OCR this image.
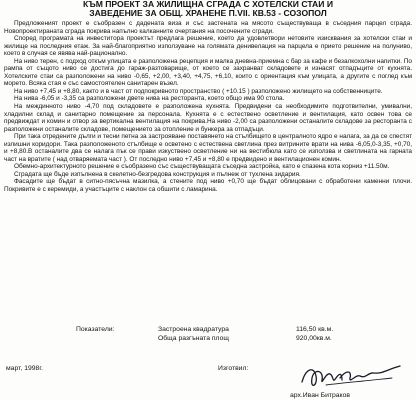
КЪМ ПРОЕКТ ЗА ЖИЛИЩНА СГРАДА С ХОТЕЛСКИ СТАИ И
ЗАВЕДЕНИЕ ЗА ОБЩ. ХРАНЕНЕ П.VII. КВ.53 - СОЗОПОЛ

Предложеният проект е съобразен с дадената виза и със застената на мясото съществуваща в съседния парцел сграда. Новопроектираната сграда покрива напълно калканните очертания на посочените сгради.

Според програмата на инвеститора проектът предлага решение, което да удовлетвори нетовите изисквания за хотелски стаи и жилище на последния етаж. За най-благоприятно използуване на голямата денивелация на парцела е приeто решение на полуниво, което в случая се явява най-рационално.

На ниво терен, с подход откъм улицата е разположена рецепция и малка дневна-приемна с бар за кафе и безалкохолни напитки. По рампа от същото ниво се достига до гараж-разтоварище, от което се захранват складовете и изнасят отпадъците от кухнята. Хотелските стаи са разположени на ниво -0,65, +2,00, +3,40, +4,75, +6,10, които с ориентация към улицата, а другите с поглед към морето. Всяка стая е със самостоятелен санитарен възел.

На нивo +7,45 и +8,80, както и в част от подпокривното пространство ( +10.15 ) разположено жилището на собственниците.

На нивa -6,05 и -3,35 са разположени двете нива на ресторанта, което общо има 90 стола.

На междинното ниво -4,70 под складовете е разположена кухнята. Предвидени са необходимите подготвителни, умивални, хладилни склад и санитарно помещение за персонала. Кухнята е с естествено осветление и вентилация, като освен това се предвиждат и комин и отвор за вертикална вентилация на покрива.На ниво -2,00 са разположени останалите складове за ресторанта с разположени останалите складове, помещението за отопление и бункера за отпадъци.

При така отредените дълги и тесни петна за застрояване поставянето на стълбището в централното ядро е налага, за да се спестят излишни коридори. Така разположеното стълбище е осветено с естествена светлина през витрините врати на нива -6,05,0-3,35, +0,70, и +8,80.В останалите два се налага пък се прави изкуствено осветление ни на вестибюла като се използва и светлината на гарната част на вратите ( над отваряемата част ). От последно ниво +7,45 и +8,80 е предвидено и вентилационен комин.

Обемно-архитектурното решение е съобразено със съществуващата съседна застройка, като е спазена кота корниз +11.50м.

Сградата ще бъде изпълнена в скелетно-безгредова конструкция и пълнеж от тухлена зидария.

Фасадите ще бъдат в ситно-пясъчна мазилка, а стените под ниво +0,70 ще бъдат облицовани с обработени каменни плочи. Покривите е с керемиди, а участъците с наклон са обшити с ламарина.

Показатели:	Застроена квадратура	116,50 кв.м.
Обща разгъната площ	920,00кв.м.
март, 1998г.	Изготвил:
арх.Иван Битраков
